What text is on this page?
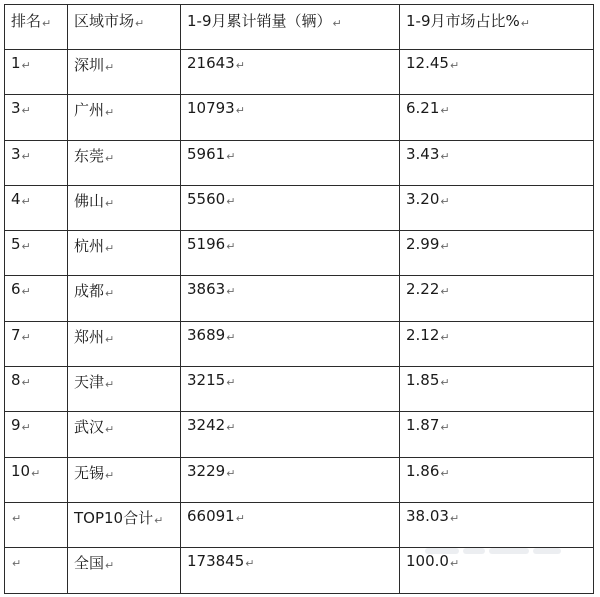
排名↵	区域市场↵	1-9月累计销量（辆）↵	1-9月市场占比%↵
1↵	深圳↵	21643↵	12.45↵
3↵	广州↵	10793↵	6.21↵
3↵	东莞↵	5961↵	3.43↵
4↵	佛山↵	5560↵	3.20↵
5↵	杭州↵	5196↵	2.99↵
6↵	成都↵	3863↵	2.22↵
7↵	郑州↵	3689↵	2.12↵
8↵	天津↵	3215↵	1.85↵
9↵	武汉↵	3242↵	1.87↵
10↵	无锡↵	3229↵	1.86↵
↵	TOP10合计↵	66091↵	38.03↵
↵	全国↵	173845↵	100.0↵
